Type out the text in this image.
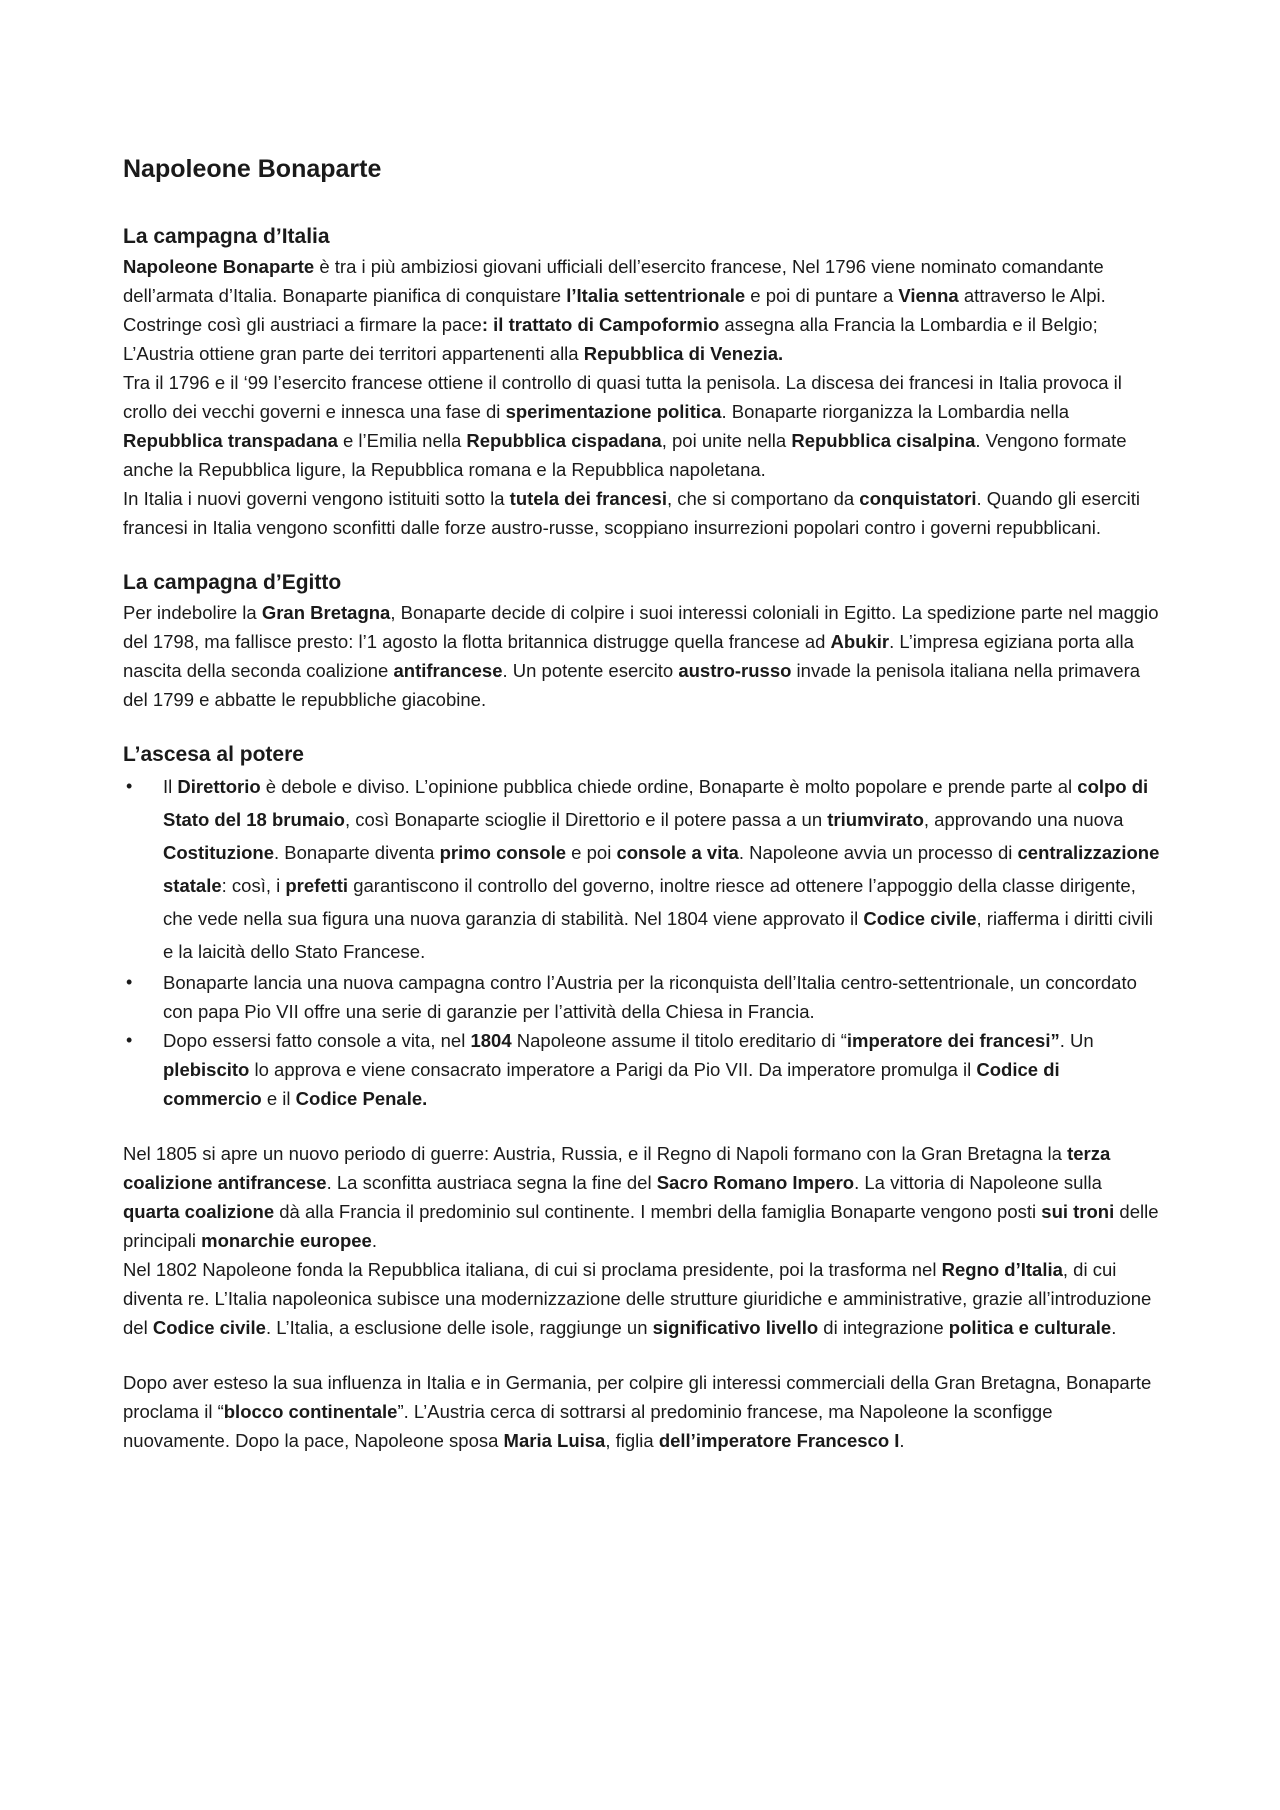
Napoleone Bonaparte
La campagna d’Italia

Napoleone Bonaparte è tra i più ambiziosi giovani ufficiali dell’esercito francese, Nel 1796 viene nominato comandante dell’armata d’Italia. Bonaparte pianifica di conquistare l’Italia settentrionale e poi di puntare a Vienna attraverso le Alpi. Costringe così gli austriaci a firmare la pace: il trattato di Campoformio assegna alla Francia la Lombardia e il Belgio; L’Austria ottiene gran parte dei territori appartenenti alla Repubblica di Venezia.

Tra il 1796 e il ‘99 l’esercito francese ottiene il controllo di quasi tutta la penisola. La discesa dei francesi in Italia provoca il crollo dei vecchi governi e innesca una fase di sperimentazione politica. Bonaparte riorganizza la Lombardia nella Repubblica transpadana e l’Emilia nella Repubblica cispadana, poi unite nella Repubblica cisalpina. Vengono formate anche la Repubblica ligure, la Repubblica romana e la Repubblica napoletana.

In Italia i nuovi governi vengono istituiti sotto la tutela dei francesi, che si comportano da conquistatori. Quando gli eserciti francesi in Italia vengono sconfitti dalle forze austro-russe, scoppiano insurrezioni popolari contro i governi repubblicani.

La campagna d’Egitto

Per indebolire la Gran Bretagna, Bonaparte decide di colpire i suoi interessi coloniali in Egitto. La spedizione parte nel maggio del 1798, ma fallisce presto: l’1 agosto la flotta britannica distrugge quella francese ad Abukir. L’impresa egiziana porta alla nascita della seconda coalizione antifrancese. Un potente esercito austro-russo invade la penisola italiana nella primavera del 1799 e abbatte le repubbliche giacobine.

L’ascesa al potere
• Il Direttorio è debole e diviso. L’opinione pubblica chiede ordine, Bonaparte è molto popolare e prende parte al colpo di Stato del 18 brumaio, così Bonaparte scioglie il Direttorio e il potere passa a un triumvirato, approvando una nuova Costituzione. Bonaparte diventa primo console e poi console a vita. Napoleone avvia un processo di centralizzazione statale: così, i prefetti garantiscono il controllo del governo, inoltre riesce ad ottenere l’appoggio della classe dirigente, che vede nella sua figura una nuova garanzia di stabilità. Nel 1804 viene approvato il Codice civile, riafferma i diritti civili e la laicità dello Stato Francese.
• Bonaparte lancia una nuova campagna contro l’Austria per la riconquista dell’Italia centro-settentrionale, un concordato con papa Pio VII offre una serie di garanzie per l’attività della Chiesa in Francia.
• Dopo essersi fatto console a vita, nel 1804 Napoleone assume il titolo ereditario di “imperatore dei francesi”. Un plebiscito lo approva e viene consacrato imperatore a Parigi da Pio VII. Da imperatore promulga il Codice di commercio e il Codice Penale.

Nel 1805 si apre un nuovo periodo di guerre: Austria, Russia, e il Regno di Napoli formano con la Gran Bretagna la terza coalizione antifrancese. La sconfitta austriaca segna la fine del Sacro Romano Impero. La vittoria di Napoleone sulla quarta coalizione dà alla Francia il predominio sul continente. I membri della famiglia Bonaparte vengono posti sui troni delle principali monarchie europee.

Nel 1802 Napoleone fonda la Repubblica italiana, di cui si proclama presidente, poi la trasforma nel Regno d’Italia, di cui diventa re. L’Italia napoleonica subisce una modernizzazione delle strutture giuridiche e amministrative, grazie all’introduzione del Codice civile. L’Italia, a esclusione delle isole, raggiunge un significativo livello di integrazione politica e culturale.

Dopo aver esteso la sua influenza in Italia e in Germania, per colpire gli interessi commerciali della Gran Bretagna, Bonaparte proclama il “blocco continentale”. L’Austria cerca di sottrarsi al predominio francese, ma Napoleone la sconfigge nuovamente. Dopo la pace, Napoleone sposa Maria Luisa, figlia dell’imperatore Francesco I.
